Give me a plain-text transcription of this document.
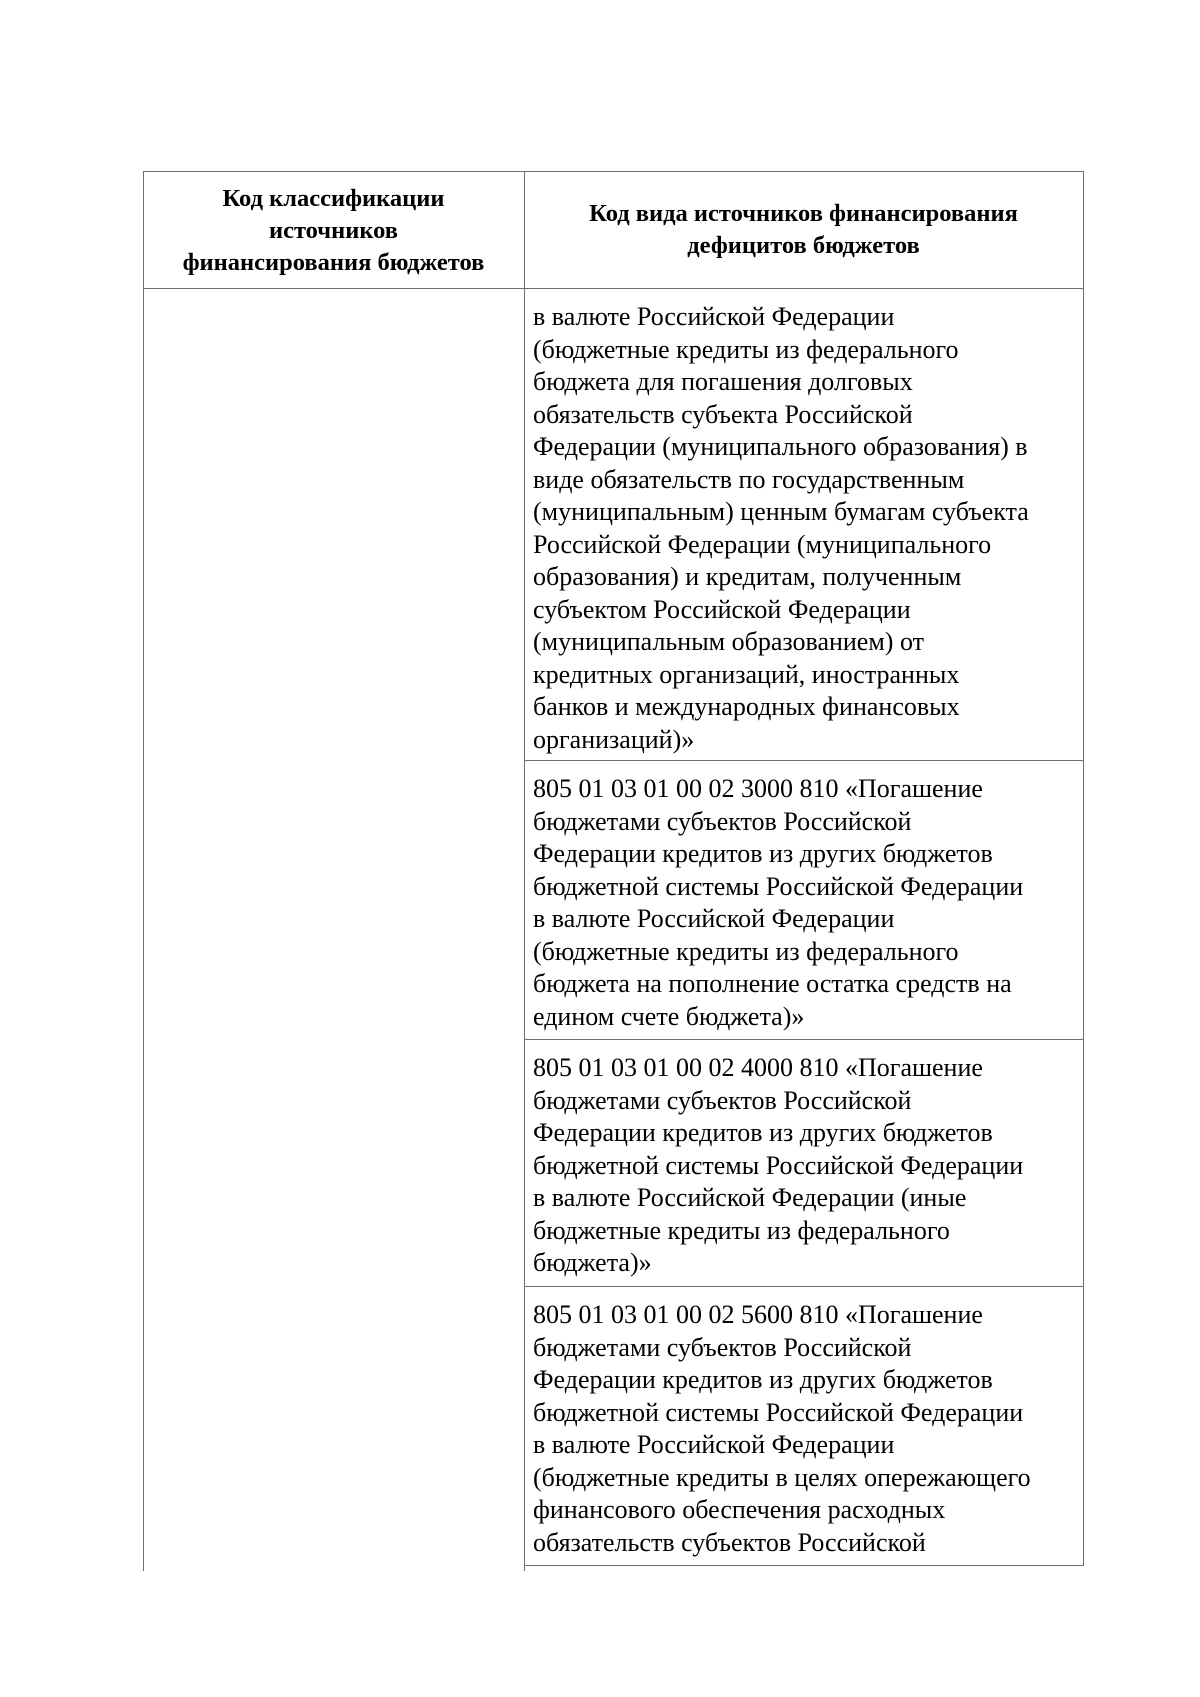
Код классификации
источников
финансирования бюджетов
Код вида источников финансирования
дефицитов бюджетов
в валюте Российской Федерации
(бюджетные кредиты из федерального
бюджета для погашения долговых
обязательств субъекта Российской
Федерации (муниципального образования) в
виде обязательств по государственным
(муниципальным) ценным бумагам субъекта
Российской Федерации (муниципального
образования) и кредитам, полученным
субъектом Российской Федерации
(муниципальным образованием) от
кредитных организаций, иностранных
банков и международных финансовых
организаций)»
805 01 03 01 00 02 3000 810 «Погашение
бюджетами субъектов Российской
Федерации кредитов из других бюджетов
бюджетной системы Российской Федерации
в валюте Российской Федерации
(бюджетные кредиты из федерального
бюджета на пополнение остатка средств на
едином счете бюджета)»
805 01 03 01 00 02 4000 810 «Погашение
бюджетами субъектов Российской
Федерации кредитов из других бюджетов
бюджетной системы Российской Федерации
в валюте Российской Федерации (иные
бюджетные кредиты из федерального
бюджета)»
805 01 03 01 00 02 5600 810 «Погашение
бюджетами субъектов Российской
Федерации кредитов из других бюджетов
бюджетной системы Российской Федерации
в валюте Российской Федерации
(бюджетные кредиты в целях опережающего
финансового обеспечения расходных
обязательств субъектов Российской
